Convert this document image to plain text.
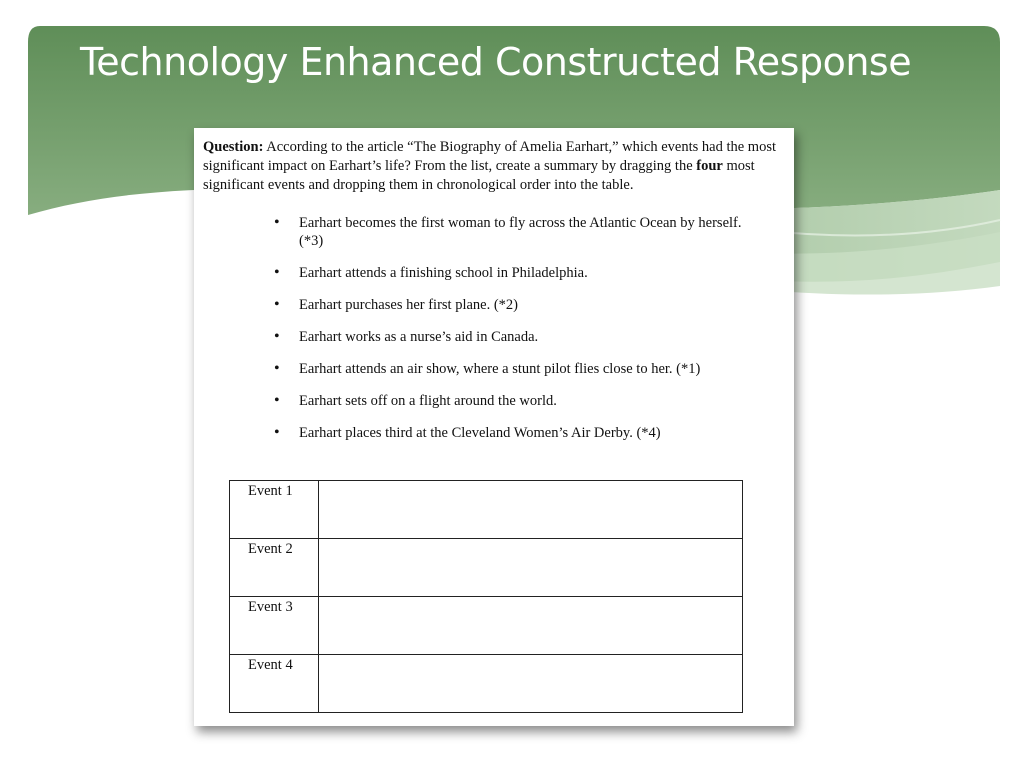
Technology Enhanced Constructed Response

Question: According to the article “The Biography of Amelia Earhart,” which events had the most significant impact on Earhart’s life? From the list, create a summary by dragging the four most significant events and dropping them in chronological order into the table.

• Earhart becomes the first woman to fly across the Atlantic Ocean by herself. (*3)
• Earhart attends a finishing school in Philadelphia.
• Earhart purchases her first plane. (*2)
• Earhart works as a nurse’s aid in Canada.
• Earhart attends an air show, where a stunt pilot flies close to her. (*1)
• Earhart sets off on a flight around the world.
• Earhart places third at the Cleveland Women’s Air Derby. (*4)
Event 1	
Event 2	
Event 3	
Event 4	
